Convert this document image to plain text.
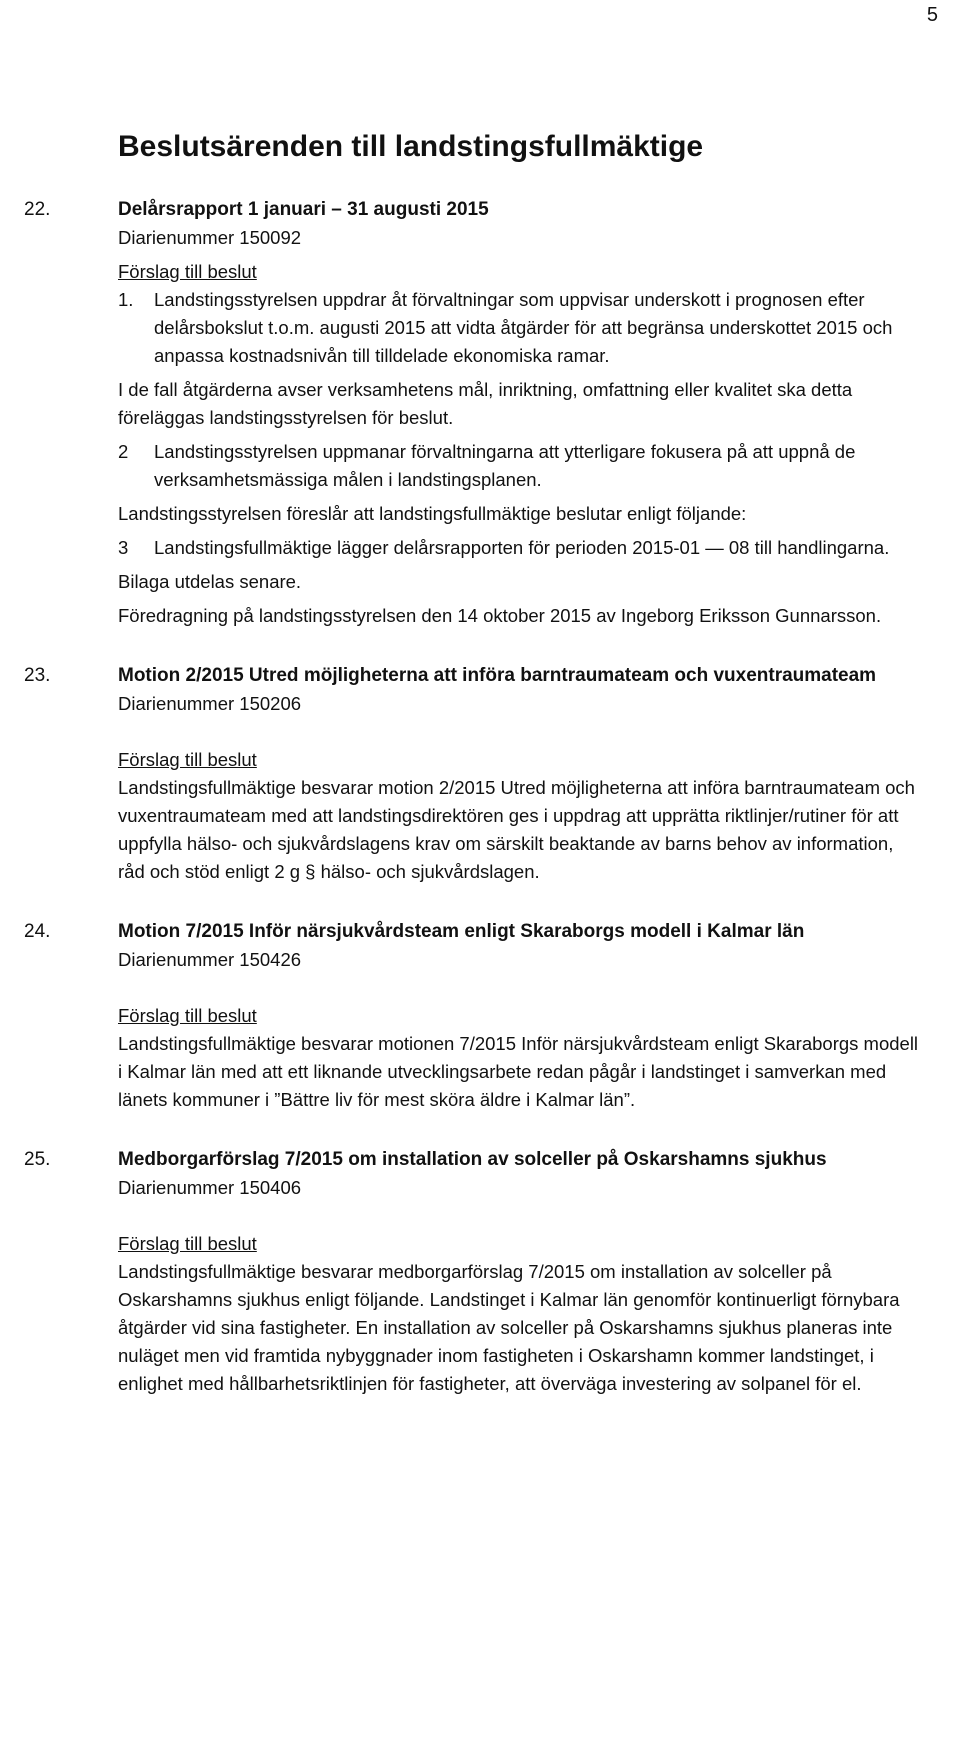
5
Beslutsärenden till landstingsfullmäktige
22.	Delårsrapport 1 januari – 31 augusti 2015
Diarienummer 150092
Förslag till beslut
1. Landstingsstyrelsen uppdrar åt förvaltningar som uppvisar underskott i prognosen efter delårsbokslut t.o.m. augusti 2015 att vidta åtgärder för att begränsa underskottet 2015 och anpassa kostnadsnivån till tilldelade ekonomiska ramar.
I de fall åtgärderna avser verksamhetens mål, inriktning, omfattning eller kvalitet ska detta föreläggas landstingsstyrelsen för beslut.
2 Landstingsstyrelsen uppmanar förvaltningarna att ytterligare fokusera på att uppnå de verksamhetsmässiga målen i landstingsplanen.
Landstingsstyrelsen föreslår att landstingsfullmäktige beslutar enligt följande:
3 Landstingsfullmäktige lägger delårsrapporten för perioden 2015-01 — 08 till handlingarna.
Bilaga utdelas senare.
Föredragning på landstingsstyrelsen den 14 oktober 2015 av Ingeborg Eriksson Gunnarsson.
23.	Motion 2/2015 Utred möjligheterna att införa barntraumateam och vuxentraumateam
Diarienummer 150206
Förslag till beslut
Landstingsfullmäktige besvarar motion 2/2015 Utred möjligheterna att införa barntraumateam och vuxentraumateam med att landstingsdirektören ges i uppdrag att upprätta riktlinjer/rutiner för att uppfylla hälso- och sjukvårdslagens krav om särskilt beaktande av barns behov av information, råd och stöd enligt 2 g § hälso- och sjukvårdslagen.
24.	Motion 7/2015 Inför närsjukvårdsteam enligt Skaraborgs modell i Kalmar län
Diarienummer 150426
Förslag till beslut
Landstingsfullmäktige besvarar motionen 7/2015 Inför närsjukvårdsteam enligt Skaraborgs modell i Kalmar län med att ett liknande utvecklingsarbete redan pågår i landstinget i samverkan med länets kommuner i ”Bättre liv för mest sköra äldre i Kalmar län”.
25.	Medborgarförslag 7/2015 om installation av solceller på Oskarshamns sjukhus
Diarienummer 150406
Förslag till beslut
Landstingsfullmäktige besvarar medborgarförslag 7/2015 om installation av solceller på Oskarshamns sjukhus enligt följande. Landstinget i Kalmar län genomför kontinuerligt förnybara åtgärder vid sina fastigheter. En installation av solceller på Oskarshamns sjukhus planeras inte nuläget men vid framtida nybyggnader inom fastigheten i Oskarshamn kommer landstinget, i enlighet med hållbarhetsriktlinjen för fastigheter, att överväga investering av solpanel för el.
